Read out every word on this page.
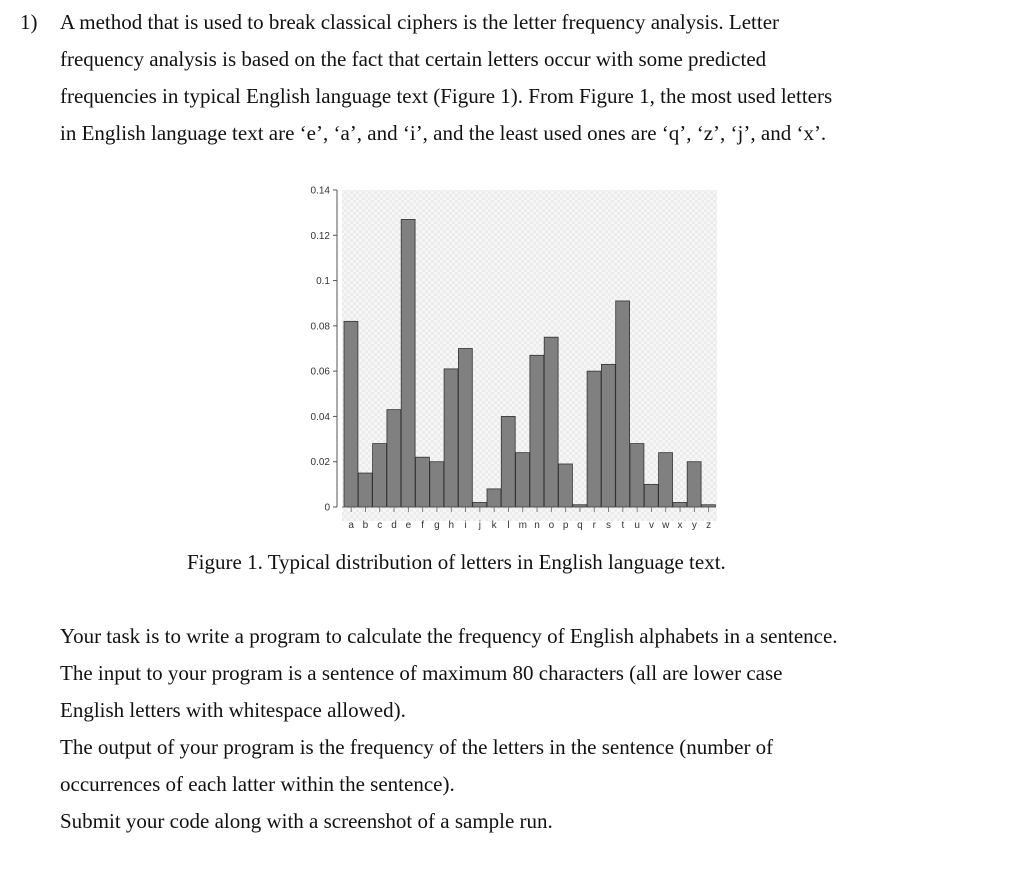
1) A method that is used to break classical ciphers is the letter frequency analysis. Letter
frequency analysis is based on the fact that certain letters occur with some predicted
frequencies in typical English language text (Figure 1). From Figure 1, the most used letters
in English language text are ‘e’, ‘a’, and ‘i’, and the least used ones are ‘q’, ‘z’, ‘j’, and ‘x’.
0
0.02
0.04
0.06
0.08
0.1
0.12
0.14
a b c d e f g h i j k l m n o p q r s t u v w x y z
Figure 1. Typical distribution of letters in English language text.
Your task is to write a program to calculate the frequency of English alphabets in a sentence.
The input to your program is a sentence of maximum 80 characters (all are lower case
English letters with whitespace allowed).
The output of your program is the frequency of the letters in the sentence (number of
occurrences of each latter within the sentence).
Submit your code along with a screenshot of a sample run.
